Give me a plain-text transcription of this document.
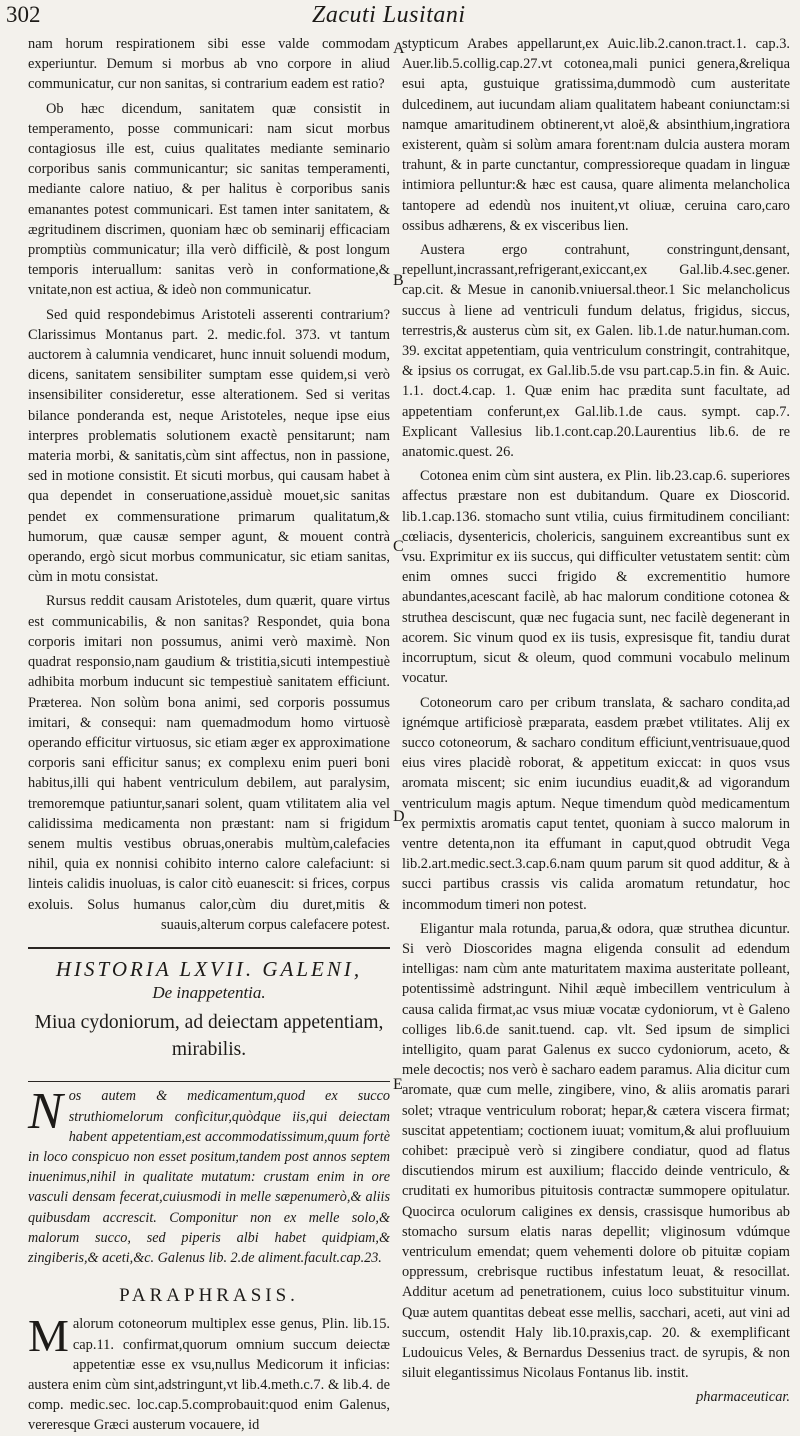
302	Zacuti Lusitani
A
B
C
D
E

nam horum respirationem sibi esse valde commodam experiuntur. Demum si morbus ab vno corpore in aliud communicatur, cur non sanitas, si contrarium eadem est ratio?

Ob hæc dicendum, sanitatem quæ consistit in temperamento, posse communicari: nam sicut morbus contagiosus ille est, cuius qualitates mediante seminario corporibus sanis communicantur; sic sanitas temperamenti, mediante calore natiuo, & per halitus è corporibus sanis emanantes potest communicari. Est tamen inter sanitatem, & ægritudinem discrimen, quoniam hæc ob seminarij efficaciam promptiùs communicatur; illa verò difficilè, & post longum temporis interuallum: sanitas verò in conformatione,& vnitate,non est actiua, & ideò non communicatur.

Sed quid respondebimus Aristoteli asserenti contrarium? Clarissimus Montanus part. 2. medic.fol. 373. vt tantum auctorem à calumnia vendicaret, hunc innuit soluendi modum, dicens, sanitatem sensibiliter sumptam esse quidem,si verò insensibiliter consideretur, esse alterationem. Sed si veritas bilance ponderanda est, neque Aristoteles, neque ipse eius interpres problematis solutionem exactè pensitarunt; nam materia morbi, & sanitatis,cùm sint affectus, non in passione, sed in motione consistit. Et sicuti morbus, qui causam habet à qua dependet in conseruatione,assiduè mouet,sic sanitas pendet ex commensuratione primarum qualitatum,& humorum, quæ causæ semper agunt, & mouent contrà operando, ergò sicut morbus communicatur, sic etiam sanitas, cùm in motu consistat.

Rursus reddit causam Aristoteles, dum quærit, quare virtus est communicabilis, & non sanitas? Respondet, quia bona corporis imitari non possumus, animi verò maximè. Non quadrat responsio,nam gaudium & tristitia,sicuti intempestiuè adhibita morbum inducunt sic tempestiuè sanitatem efficiunt. Præterea. Non solùm bona animi, sed corporis possumus imitari, & consequi: nam quemadmodum homo virtuosè operando efficitur virtuosus, sic etiam æger ex approximatione corporis sani efficitur sanus; ex complexu enim pueri boni habitus,illi qui habent ventriculum debilem, aut paralysim, tremoremque patiuntur,sanari solent, quam vtilitatem alia vel calidissima medicamenta non præstant: nam si frigidum senem multis vestibus obruas,onerabis multùm,calefacies nihil, quia ex nonnisi cohibito interno calore calefaciunt: si linteis calidis inuoluas, is calor citò euanescit: si frices, corpus exoluis. Solus humanus calor,cùm diu duret,mitis & suauis,alterum corpus calefacere potest.

HISTORIA LXVII. GALENI,
De inappetentia.
Miua cydoniorum, ad deiectam appetentiam, mirabilis.
N os autem & medicamentum,quod ex succo struthiomelorum conficitur,quòdque iis,qui deiectam habent appetentiam,est accommodatissimum,quum fortè in loco conspicuo non esset positum,tandem post annos septem inuenimus,nihil in qualitate mutatum: crustam enim in ore vasculi densam fecerat,cuiusmodi in melle sæpenumerò,& aliis quibusdam accrescit. Componitur non ex melle solo,& malorum succo, sed piperis albi habet quidpiam,& zingiberis,& aceti,&c. Galenus lib. 2.de aliment.facult.cap.23.
PARAPHRASIS.
M alorum cotoneorum multiplex esse genus, Plin. lib.15. cap.11. confirmat,quorum omnium succum deiectæ appetentiæ esse ex vsu,nullus Medicorum it inficias: austera enim cùm sint,adstringunt,vt lib.4.meth.c.7. & lib.4. de comp. medic.sec. loc.cap.5.comprobauit:quod enim Galenus, vereresque Græci austerum vocauere, id

stypticum Arabes appellarunt,ex Auic.lib.2.canon.tract.1. cap.3. Auer.lib.5.collig.cap.27.vt cotonea,mali punici genera,&reliqua esui apta, gustuique gratissima,dummodò cum austeritate dulcedinem, aut iucundam aliam qualitatem habeant coniunctam:si namque amaritudinem obtinerent,vt aloë,& absinthium,ingratiora existerent, quàm si solùm amara forent:nam dulcia austera moram trahunt, & in parte cunctantur, compressioreque quadam in linguæ intimiora pelluntur:& hæc est causa, quare alimenta melancholica tantopere ad edendù nos inuitent,vt oliuæ, ceruina caro,caro ossibus adhærens, & ex visceribus lien.

Austera ergo contrahunt, constringunt,densant, repellunt,incrassant,refrigerant,exiccant,ex Gal.lib.4.sec.gener. cap.cit. & Mesue in canonib.vniuersal.theor.1 Sic melancholicus succus à liene ad ventriculi fundum delatus, frigidus, siccus, terrestris,& austerus cùm sit, ex Galen. lib.1.de natur.human.com. 39. excitat appetentiam, quia ventriculum constringit, contrahitque, & ipsius os corrugat, ex Gal.lib.5.de vsu part.cap.5.in fin. & Auic. 1.1. doct.4.cap. 1. Quæ enim hac prædita sunt facultate, ad appetentiam conferunt,ex Gal.lib.1.de caus. sympt. cap.7. Explicant Vallesius lib.1.cont.cap.20.Laurentius lib.6. de re anatomic.quest. 26.

Cotonea enim cùm sint austera, ex Plin. lib.23.cap.6. superiores affectus præstare non est dubitandum. Quare ex Dioscorid. lib.1.cap.136. stomacho sunt vtilia, cuius firmitudinem conciliant: cœliacis, dysentericis, cholericis, sanguinem excreantibus sunt ex vsu. Exprimitur ex iis succus, qui difficulter vetustatem sentit: cùm enim omnes succi frigido & excrementitio humore abundantes,acescant facilè, ab hac malorum conditione cotonea & struthea desciscunt, quæ nec fugacia sunt, nec facilè degenerant in acorem. Sic vinum quod ex iis tusis, expresisque fit, tandiu durat incorruptum, sicut & oleum, quod communi vocabulo melinum vocatur.

Cotoneorum caro per cribum translata, & sacharo condita,ad ignémque artificiosè præparata, easdem præbet vtilitates. Alij ex succo cotoneorum, & sacharo conditum efficiunt,ventrisuaue,quod eius vires placidè roborat, & appetitum exiccat: in quos vsus aromata miscent; sic enim iucundius euadit,& ad vigorandum ventriculum magis aptum. Neque timendum quòd medicamentum ex permixtis aromatis caput tentet, quoniam à succo malorum in ventre detenta,non ita effumant in caput,quod obtrudit Vega lib.2.art.medic.sect.3.cap.6.nam quum parum sit quod additur, & à succi partibus crassis vis calida aromatum retundatur, hoc incommodum timeri non potest.

Eligantur mala rotunda, parua,& odora, quæ struthea dicuntur. Si verò Dioscorides magna eligenda consulit ad edendum intelligas: nam cùm ante maturitatem maxima austeritate polleant, potentissimè adstringunt. Nihil æquè imbecillem ventriculum à causa calida firmat,ac vsus miuæ vocatæ cydoniorum, vt è Galeno colliges lib.6.de sanit.tuend. cap. vlt. Sed ipsum de simplici intelligito, quam parat Galenus ex succo cydoniorum, aceto, & mele decoctis; nos verò è sacharo eadem paramus. Alia dicitur cum aromate, quæ cum melle, zingibere, vino, & aliis aromatis parari solet; vtraque ventriculum roborat; hepar,& cætera viscera firmat; suscitat appetentiam; coctionem iuuat; vomitum,& alui profluuium cohibet: præcipuè verò si zingibere condiatur, quod ad flatus discutiendos mirum est auxilium; flaccido deinde ventriculo, & cruditati ex humoribus pituitosis contractæ summopere opitulatur. Quocirca oculorum caligines ex densis, crassisque humoribus ab stomacho sursum elatis naras depellit; vliginosum vdúmque ventriculum emendat; quem vehementi dolore ob pituitæ copiam oppressum, crebrisque ructibus infestatum leuat, & resocillat. Additur acetum ad penetrationem, cuius loco substituitur vinum. Quæ autem quantitas debeat esse mellis, sacchari, aceti, aut vini ad succum, ostendit Haly lib.10.praxis,cap. 20. & exemplificant Ludouicus Veles, & Bernardus Dessenius tract. de syrupis, & non siluit elegantissimus Nicolaus Fontanus lib. instit.

pharmaceuticar.
